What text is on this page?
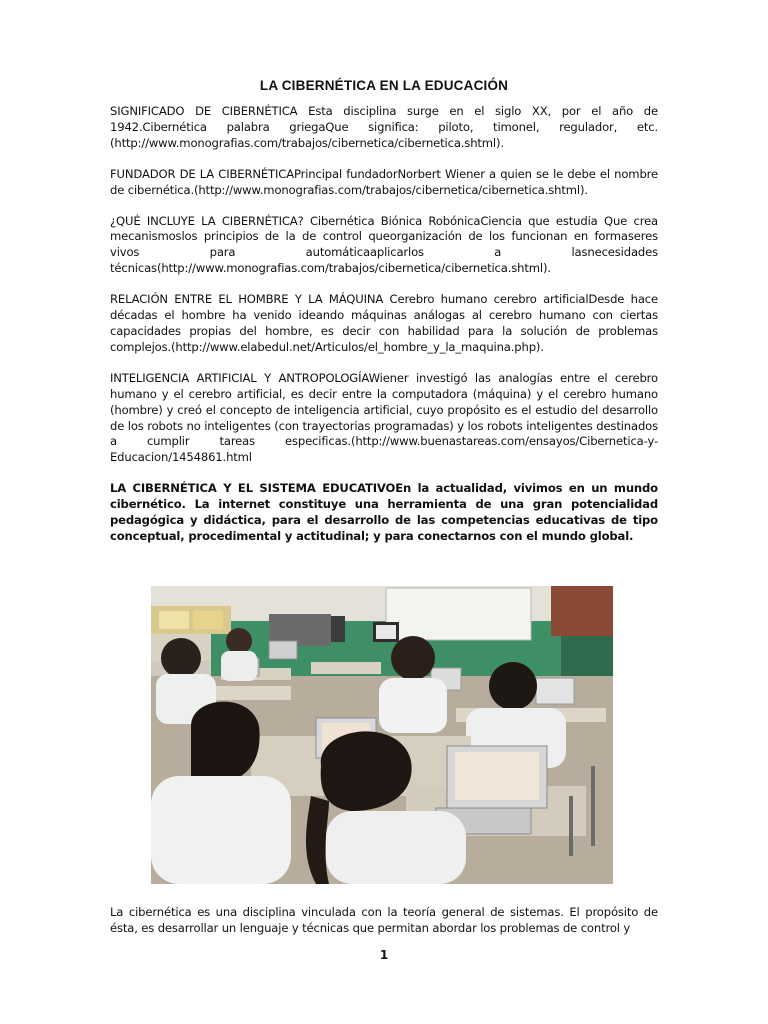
LA CIBERNÉTICA EN LA EDUCACIÓN

SIGNIFICADO DE CIBERNÉTICA Esta disciplina surge en el siglo XX, por el año de 1942.Cibernética palabra griegaQue significa: piloto, timonel, regulador, etc.(http://www.monografias.com/trabajos/cibernetica/cibernetica.shtml).

FUNDADOR DE LA CIBERNÉTICAPrincipal fundadorNorbert Wiener a quien se le debe el nombre de cibernética.(http://www.monografias.com/trabajos/cibernetica/cibernetica.shtml).

¿QUÉ INCLUYE LA CIBERNÉTICA? Cibernética Biónica RobónicaCiencia que estudia Que crea mecanismoslos principios de la de control queorganización de los funcionan en formaseres vivos para automáticaaplicarlos a lasnecesidades técnicas(http://www.monografias.com/trabajos/cibernetica/cibernetica.shtml).

RELACIÓN ENTRE EL HOMBRE Y LA MÁQUINA Cerebro humano cerebro artificialDesde hace décadas el hombre ha venido ideando máquinas análogas al cerebro humano con ciertas capacidades propias del hombre, es decir con habilidad para la solución de problemas complejos.(http://www.elabedul.net/Articulos/el_hombre_y_la_maquina.php).

INTELIGENCIA ARTIFICIAL Y ANTROPOLOGÍAWiener investigó las analogías entre el cerebro humano y el cerebro artificial, es decir entre la computadora (máquina) y el cerebro humano (hombre) y creó el concepto de inteligencia artificial, cuyo propósito es el estudio del desarrollo de los robots no inteligentes (con trayectorias programadas) y los robots inteligentes destinados a cumplir tareas especificas.(http://www.buenastareas.com/ensayos/Cibernetica-y-Educacion/1454861.html

LA CIBERNÉTICA Y EL SISTEMA EDUCATIVOEn la actualidad, vivimos en un mundo cibernético. La internet constituye una herramienta de una gran potencialidad pedagógica y didáctica, para el desarrollo de las competencias educativas de tipo conceptual, procedimental y actitudinal; y para conectarnos con el mundo global.

La cibernética es una disciplina vinculada con la teoría general de sistemas. El propósito de ésta, es desarrollar un lenguaje y técnicas que permitan abordar los problemas de control y

1
